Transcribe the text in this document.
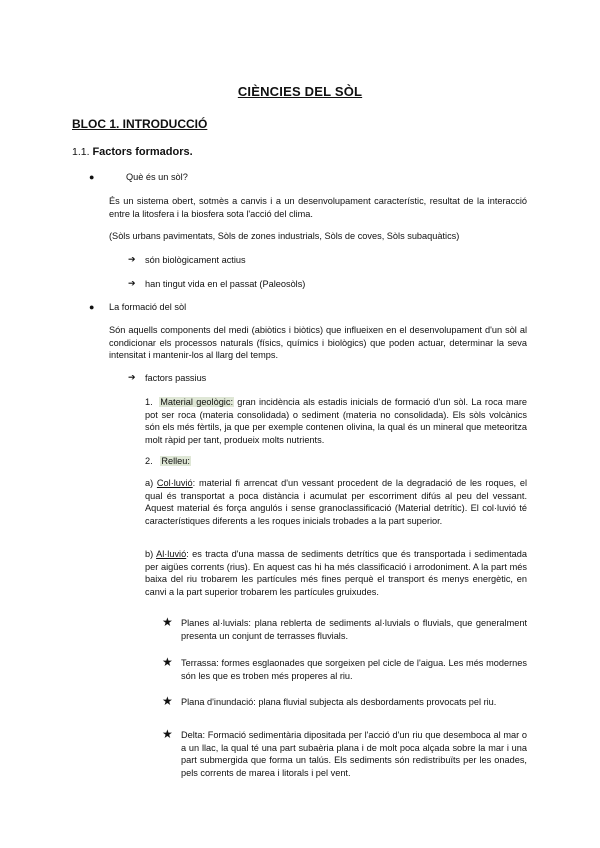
CIÈNCIES DEL SÒL
BLOC 1. INTRODUCCIÓ
1.1. Factors formadors.
●	Què és un sòl?
És un sistema obert, sotmès a canvis i a un desenvolupament característic, resultat de la interacció entre la litosfera i la biosfera sota l'acció del clima.
(Sòls urbans pavimentats, Sòls de zones industrials, Sòls de coves, Sòls subaquàtics)
➔ són biològicament actius
➔ han tingut vida en el passat (Paleosòls)
● La formació del sòl
Són aquells components del medi (abiòtics i biòtics) que influeixen en el desenvolupament d'un sòl al condicionar els processos naturals (físics, químics i biològics) que poden actuar, determinar la seva intensitat i mantenir-los al llarg del temps.
➔ factors passius
1. Material geològic: gran incidència als estadis inicials de formació d'un sòl. La roca mare pot ser roca (materia consolidada) o sediment (materia no consolidada). Els sòls volcànics són els més fèrtils, ja que per exemple contenen olivina, la qual és un mineral que meteoritza molt ràpid per tant, produeix molts nutrients.
2. Relleu:
a) Col·luvió: material fi arrencat d'un vessant procedent de la degradació de les roques, el qual és transportat a poca distància i acumulat per escorriment difús al peu del vessant. Aquest material és força angulós i sense granoclassificació (Material detrític). El col·luvió té característiques diferents a les roques inicials trobades a la part superior.
b) Al·luvió: es tracta d'una massa de sediments detrítics que és transportada i sedimentada per aigües corrents (rius). En aquest cas hi ha més classificació i arrodoniment. A la part més baixa del riu trobarem les partícules més fines perquè el transport és menys energètic, en canvi a la part superior trobarem les partícules gruixudes.
★ Planes al·luvials: plana reblerta de sediments al·luvials o fluvials, que generalment presenta un conjunt de terrasses fluvials.
★ Terrassa: formes esglaonades que sorgeixen pel cicle de l'aigua. Les més modernes són les que es troben més properes al riu.
★ Plana d'inundació: plana fluvial subjecta als desbordaments provocats pel riu.
★ Delta: Formació sedimentària dipositada per l'acció d'un riu que desemboca al mar o a un llac, la qual té una part subaèria plana i de molt poca alçada sobre la mar i una part submergida que forma un talús. Els sediments són redistribuïts per les onades, pels corrents de marea i litorals i pel vent.
